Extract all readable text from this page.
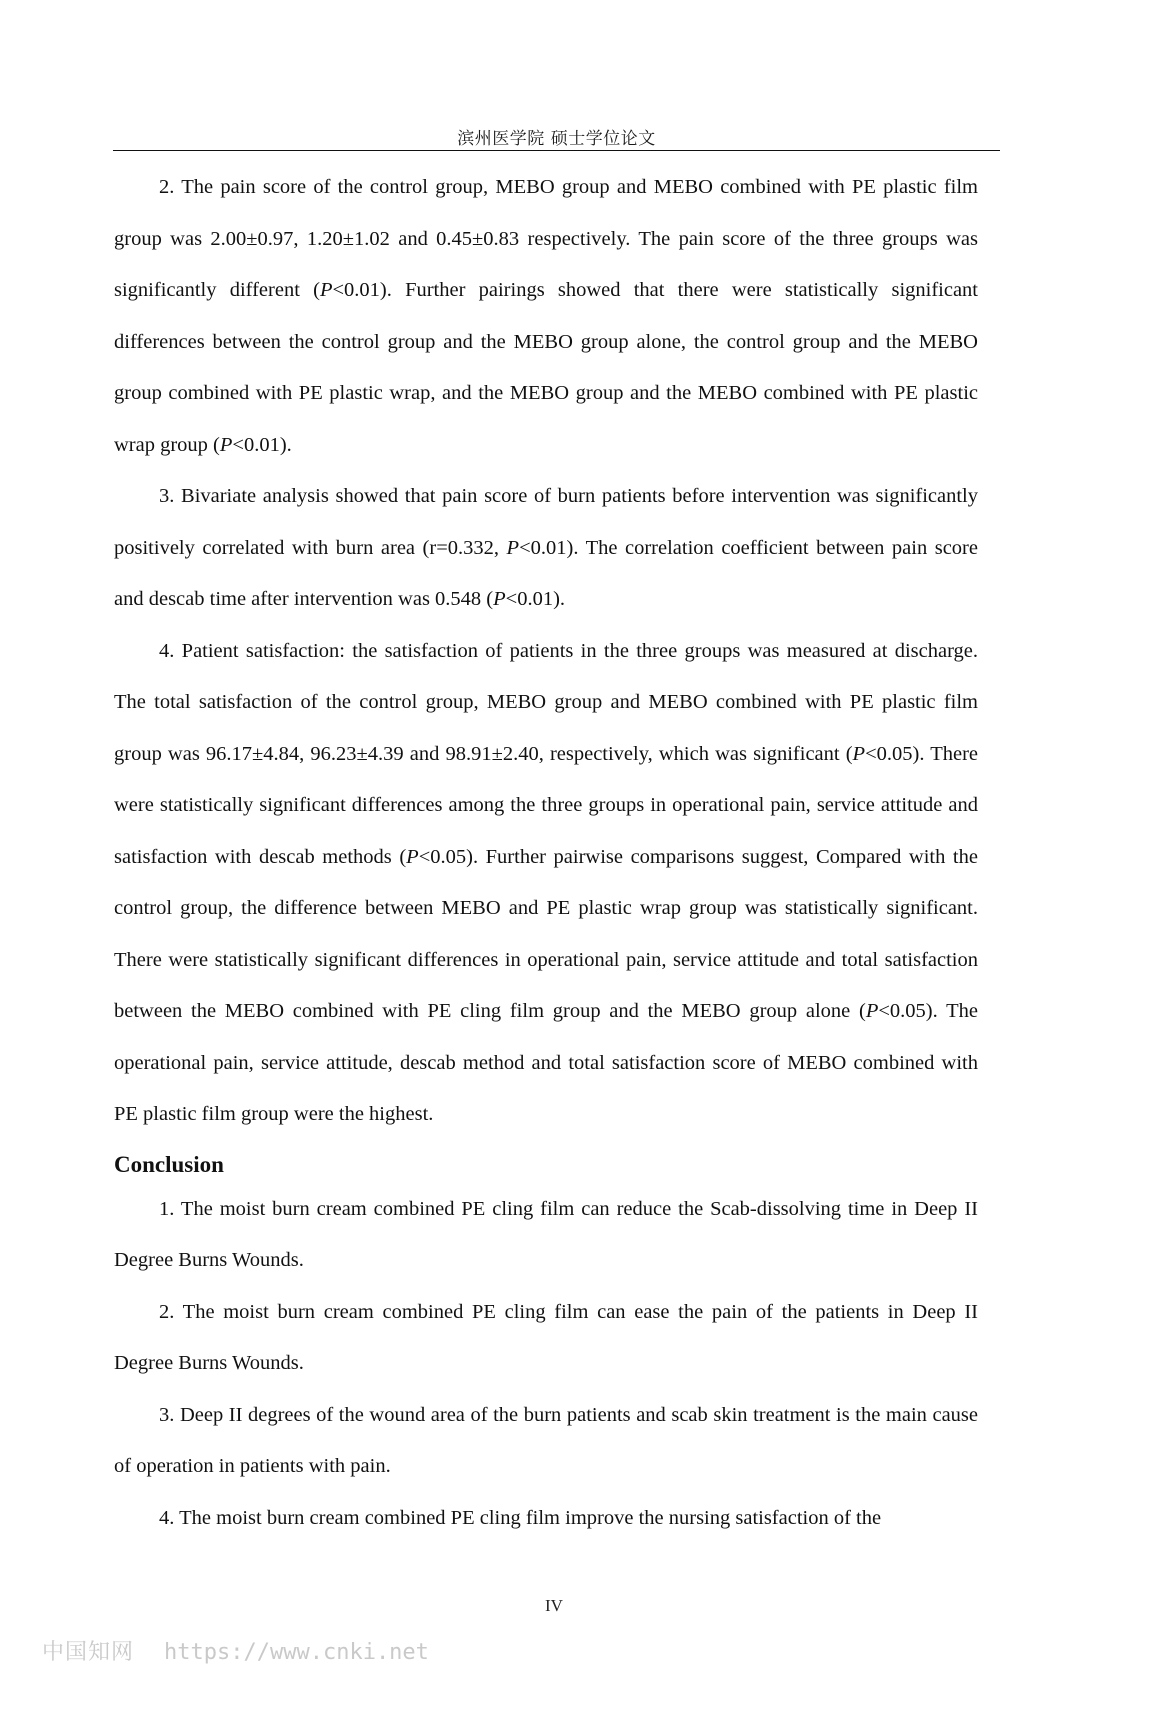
滨州医学院 硕士学位论文

2. The pain score of the control group, MEBO group and MEBO combined with PE plastic film group was 2.00±0.97, 1.20±1.02 and 0.45±0.83 respectively. The pain score of the three groups was significantly different (P<0.01). Further pairings showed that there were statistically significant differences between the control group and the MEBO group alone, the control group and the MEBO group combined with PE plastic wrap, and the MEBO group and the MEBO combined with PE plastic wrap group (P<0.01).

3. Bivariate analysis showed that pain score of burn patients before intervention was significantly positively correlated with burn area (r=0.332, P<0.01). The correlation coefficient between pain score and descab time after intervention was 0.548 (P<0.01).

4. Patient satisfaction: the satisfaction of patients in the three groups was measured at discharge. The total satisfaction of the control group, MEBO group and MEBO combined with PE plastic film group was 96.17±4.84, 96.23±4.39 and 98.91±2.40, respectively, which was significant (P<0.05). There were statistically significant differences among the three groups in operational pain, service attitude and satisfaction with descab methods (P<0.05). Further pairwise comparisons suggest, Compared with the control group, the difference between MEBO and PE plastic wrap group was statistically significant. There were statistically significant differences in operational pain, service attitude and total satisfaction between the MEBO combined with PE cling film group and the MEBO group alone (P<0.05). The operational pain, service attitude, descab method and total satisfaction score of MEBO combined with PE plastic film group were the highest.

Conclusion

1. The moist burn cream combined PE cling film can reduce the Scab-dissolving time in Deep II Degree Burns Wounds.

2. The moist burn cream combined PE cling film can ease the pain of the patients in Deep II Degree Burns Wounds.

3. Deep II degrees of the wound area of the burn patients and scab skin treatment is the main cause of operation in patients with pain.

4. The moist burn cream combined PE cling film improve the nursing satisfaction of the

IV
中国知网 https://www.cnki.net
